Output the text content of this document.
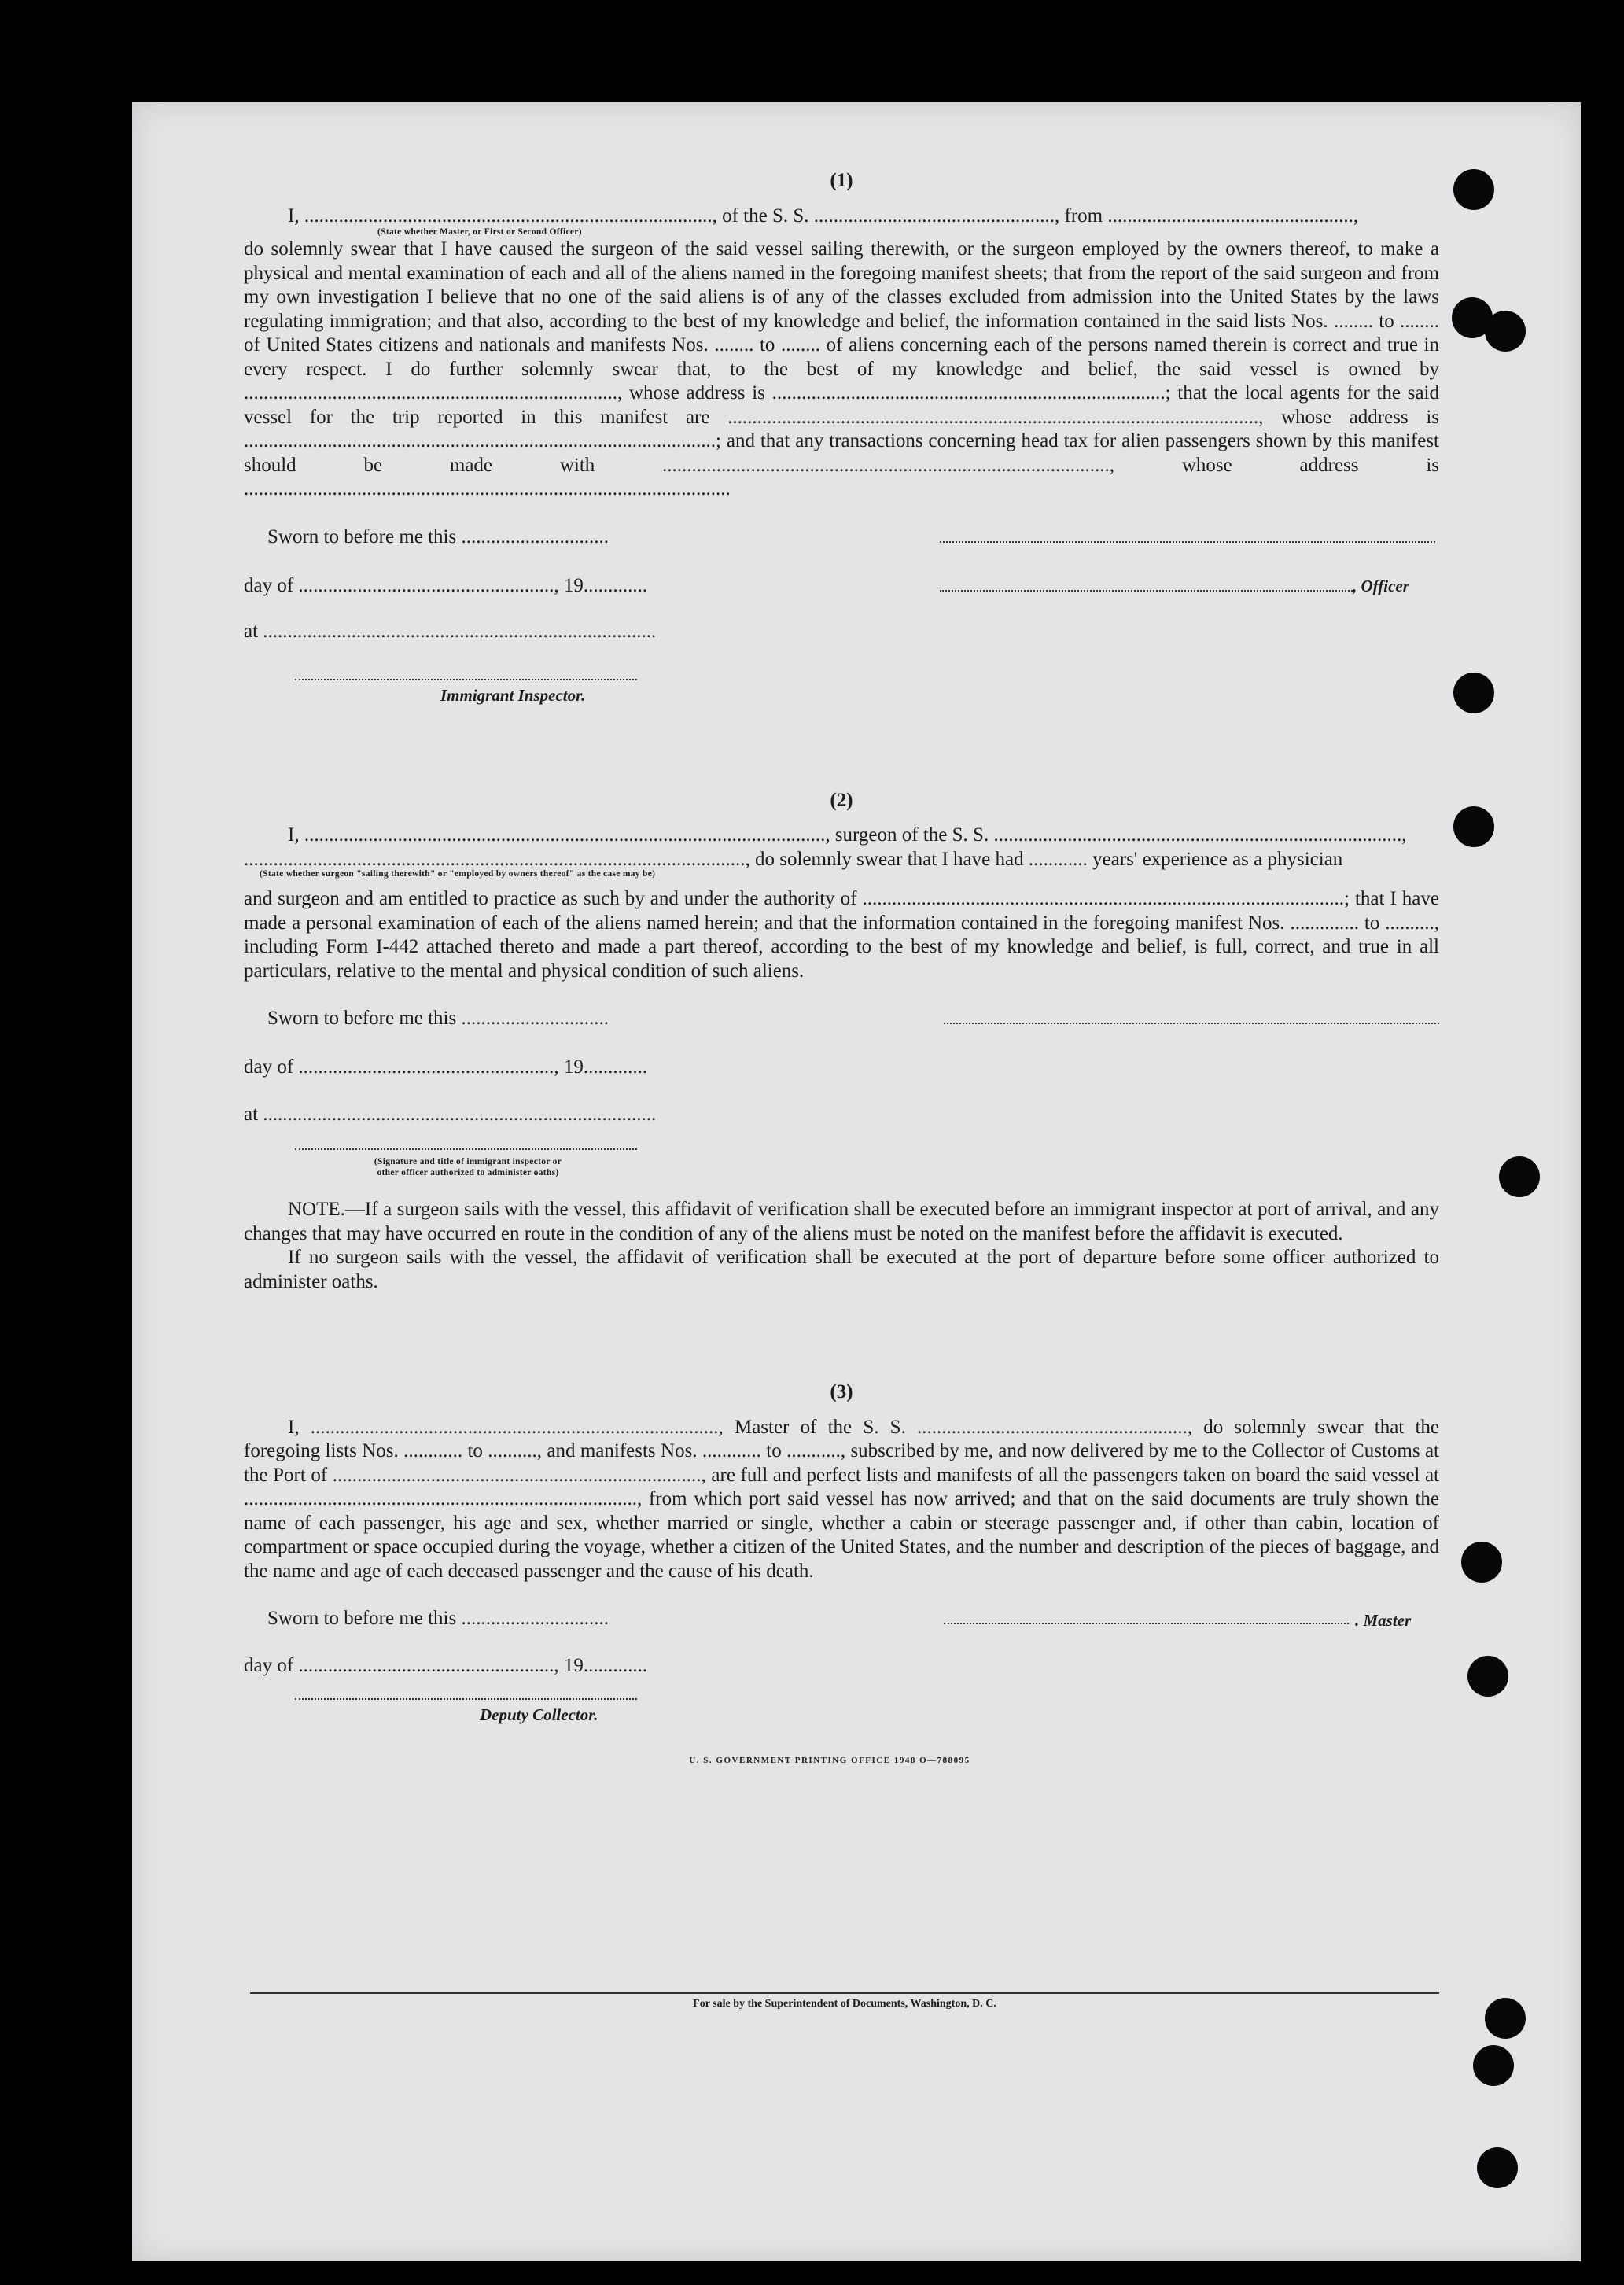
(1)

I, ..................................................................................., of the S. S. ................................................., from ..................................................,

(State whether Master, or First or Second Officer)

do solemnly swear that I have caused the surgeon of the said vessel sailing therewith, or the surgeon employed by the owners thereof, to make a physical and mental examination of each and all of the aliens named in the foregoing manifest sheets; that from the report of the said surgeon and from my own investigation I believe that no one of the said aliens is of any of the classes excluded from admission into the United States by the laws regulating immigration; and that also, according to the best of my knowledge and belief, the information contained in the said lists Nos. ........ to ........ of United States citizens and nationals and manifests Nos. ........ to ........ of aliens concerning each of the persons named therein is correct and true in every respect. I do further solemnly swear that, to the best of my knowledge and belief, the said vessel is owned by ............................................................................, whose address is ................................................................................; that the local agents for the said vessel for the trip reported in this manifest are ............................................................................................................, whose address is ................................................................................................; and that any transactions concerning head tax for alien passengers shown by this manifest should be made with ..........................................................................................., whose address is ...................................................................................................

Sworn to before me this ..............................
day of ...................................................., 19.............
at ................................................................................
, Officer
Immigrant Inspector.

(2)

I, .........................................................................................................., surgeon of the S. S. ...................................................................................,

......................................................................................................, do solemnly swear that I have had ............ years' experience as a physician

(State whether surgeon "sailing therewith" or "employed by owners thereof" as the case may be)

and surgeon and am entitled to practice as such by and under the authority of ..................................................................................................; that I have made a personal examination of each of the aliens named herein; and that the information contained in the foregoing manifest Nos. .............. to .........., including Form I-442 attached thereto and made a part thereof, according to the best of my knowledge and belief, is full, correct, and true in all particulars, relative to the mental and physical condition of such aliens.

Sworn to before me this ..............................
day of ...................................................., 19.............
at ................................................................................
(Signature and title of immigrant inspector or
other officer authorized to administer oaths)

NOTE.—If a surgeon sails with the vessel, this affidavit of verification shall be executed before an immigrant inspector at port of arrival, and any changes that may have occurred en route in the condition of any of the aliens must be noted on the manifest before the affidavit is executed.

If no surgeon sails with the vessel, the affidavit of verification shall be executed at the port of departure before some officer authorized to administer oaths.

(3)

I, ..................................................................................., Master of the S. S. ......................................................., do solemnly swear that the foregoing lists Nos. ............ to .........., and manifests Nos. ............ to ..........., subscribed by me, and now delivered by me to the Collector of Customs at the Port of ..........................................................................., are full and perfect lists and manifests of all the passengers taken on board the said vessel at ................................................................................, from which port said vessel has now arrived; and that on the said documents are truly shown the name of each passenger, his age and sex, whether married or single, whether a cabin or steerage passenger and, if other than cabin, location of compartment or space occupied during the voyage, whether a citizen of the United States, and the number and description of the pieces of baggage, and the name and age of each deceased passenger and the cause of his death.

Sworn to before me this ..............................
day of ...................................................., 19.............
. Master
Deputy Collector.
U. S. GOVERNMENT PRINTING OFFICE 1948 O—788095
For sale by the Superintendent of Documents, Washington, D. C.
